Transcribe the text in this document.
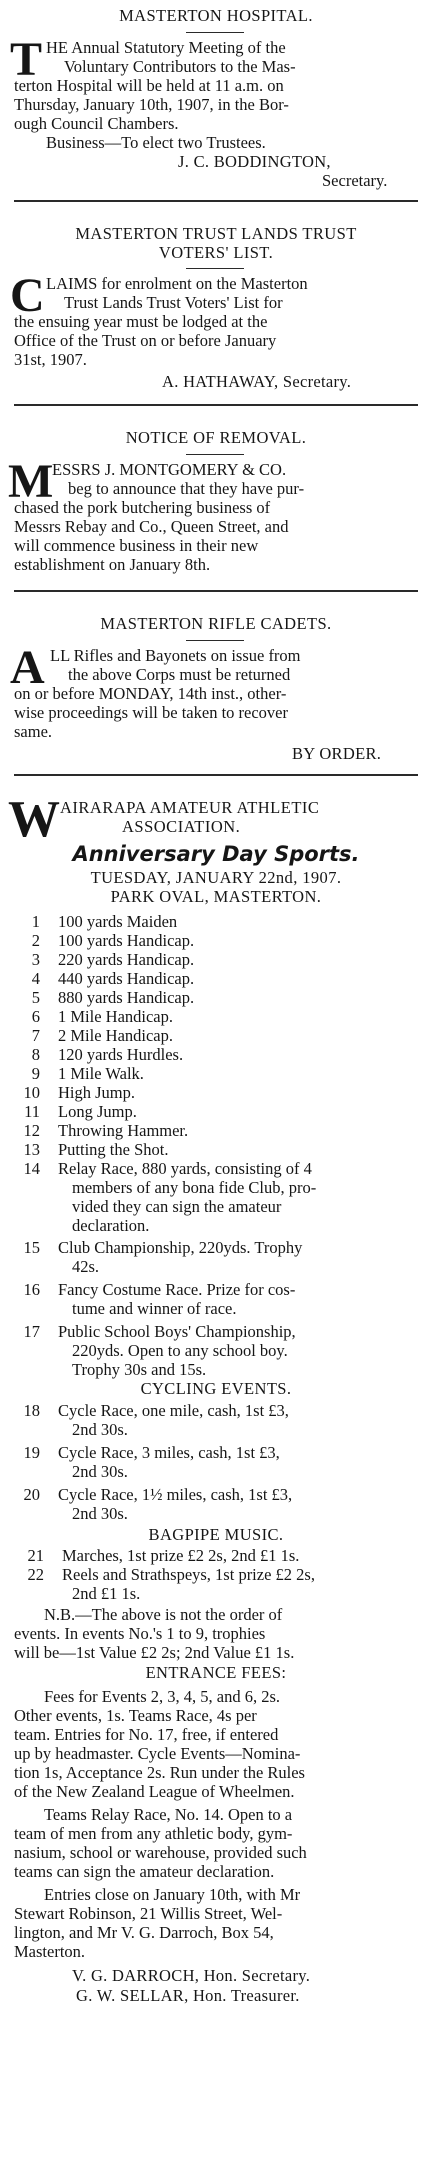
MASTERTON HOSPITAL.
T HE Annual Statutory Meeting of the
Voluntary Contributors to the Mas-
terton Hospital will be held at 11 a.m. on
Thursday, January 10th, 1907, in the Bor-
ough Council Chambers.
Business—To elect two Trustees.
J. C. BODDINGTON,
Secretary.
MASTERTON TRUST LANDS TRUST
VOTERS' LIST.
C LAIMS for enrolment on the Masterton
Trust Lands Trust Voters' List for
the ensuing year must be lodged at the
Office of the Trust on or before January
31st, 1907.
A. HATHAWAY, Secretary.
NOTICE OF REMOVAL.
M
ESSRS J. MONTGOMERY & CO.
beg to announce that they have pur-
chased the pork butchering business of
Messrs Rebay and Co., Queen Street, and
will commence business in their new
establishment on January 8th.
MASTERTON RIFLE CADETS.
A LL Rifles and Bayonets on issue from
the above Corps must be returned
on or before MONDAY, 14th inst., other-
wise proceedings will be taken to recover
same.
BY ORDER.
W AIRARAPA AMATEUR ATHLETIC
ASSOCIATION.
Anniversary Day Sports.
TUESDAY, JANUARY 22nd, 1907.
PARK OVAL, MASTERTON.
1 100 yards Maiden
2 100 yards Handicap.
3 220 yards Handicap.
4 440 yards Handicap.
5 880 yards Handicap.
6 1 Mile Handicap.
7 2 Mile Handicap.
8 120 yards Hurdles.
9 1 Mile Walk.
10 High Jump.
11 Long Jump.
12 Throwing Hammer.
13 Putting the Shot.
14 Relay Race, 880 yards, consisting of 4
members of any bona fide Club, pro-
vided they can sign the amateur
declaration.
15 Club Championship, 220yds. Trophy
42s.
16 Fancy Costume Race. Prize for cos-
tume and winner of race.
17 Public School Boys' Championship,
220yds. Open to any school boy.
Trophy 30s and 15s.
CYCLING EVENTS.
18 Cycle Race, one mile, cash, 1st £3,
2nd 30s.
19 Cycle Race, 3 miles, cash, 1st £3,
2nd 30s.
20 Cycle Race, 1½ miles, cash, 1st £3,
2nd 30s.
BAGPIPE MUSIC.
21 Marches, 1st prize £2 2s, 2nd £1 1s.
22 Reels and Strathspeys, 1st prize £2 2s,
2nd £1 1s.
N.B.—The above is not the order of
events. In events No.'s 1 to 9, trophies
will be—1st Value £2 2s; 2nd Value £1 1s.
ENTRANCE FEES:
Fees for Events 2, 3, 4, 5, and 6, 2s.
Other events, 1s. Teams Race, 4s per
team. Entries for No. 17, free, if entered
up by headmaster. Cycle Events—Nomina-
tion 1s, Acceptance 2s. Run under the Rules
of the New Zealand League of Wheelmen.
Teams Relay Race, No. 14. Open to a
team of men from any athletic body, gym-
nasium, school or warehouse, provided such
teams can sign the amateur declaration.
Entries close on January 10th, with Mr
Stewart Robinson, 21 Willis Street, Wel-
lington, and Mr V. G. Darroch, Box 54,
Masterton.
V. G. DARROCH, Hon. Secretary.
G. W. SELLAR, Hon. Treasurer.
